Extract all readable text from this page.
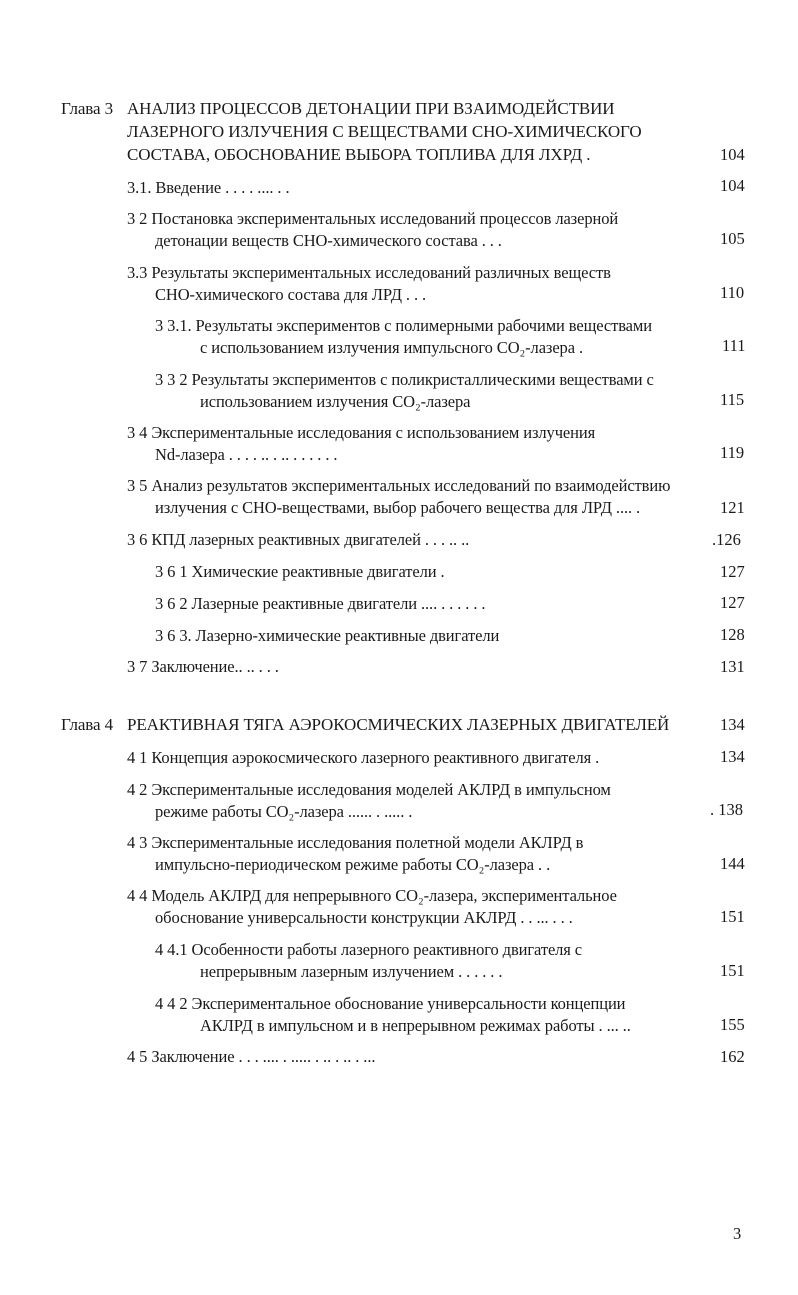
Глава 3 АНАЛИЗ ПРОЦЕССОВ ДЕТОНАЦИИ ПРИ ВЗАИМОДЕЙСТВИИ
ЛАЗЕРНОГО ИЗЛУЧЕНИЯ С ВЕЩЕСТВАМИ СНО-ХИМИЧЕСКОГО
СОСТАВА, ОБОСНОВАНИЕ ВЫБОРА ТОПЛИВА ДЛЯ ЛХРД .	104
3.1. Введение . . . . .... . .	104
3 2 Постановка экспериментальных исследований процессов лазерной
детонации веществ СНО-химического состава . . .	105
3.3 Результаты экспериментальных исследований различных веществ
СНО-химического состава для ЛРД . . .	110
3 3.1. Результаты экспериментов с полимерными рабочими веществами
с использованием излучения импульсного CO₂-лазера .	111
3 3 2 Результаты экспериментов с поликристаллическими веществами с
использованием излучения CO₂-лазера	115
3 4 Экспериментальные исследования с использованием излучения
Nd-лазера . . . . .. . .. . . . . . .	119
3 5 Анализ результатов экспериментальных исследований по взаимодействию
излучения с СНО-веществами, выбор рабочего вещества для ЛРД .... .	121
3 6 КПД лазерных реактивных двигателей . . . .. ..	.126
3 6 1 Химические реактивные двигатели .	127
3 6 2 Лазерные реактивные двигатели .... . . . . . .	127
3 6 3. Лазерно-химические реактивные двигатели	128
3 7 Заключение.. .. . . .	131
Глава 4 РЕАКТИВНАЯ ТЯГА АЭРОКОСМИЧЕСКИХ ЛАЗЕРНЫХ ДВИГАТЕЛЕЙ	134
4 1 Концепция аэрокосмического лазерного реактивного двигателя .	134
4 2 Экспериментальные исследования моделей АКЛРД в импульсном
режиме работы CO₂-лазера ...... . ..... .	. 138
4 3 Экспериментальные исследования полетной модели АКЛРД в
импульсно-периодическом режиме работы CO₂-лазера . .	144
4 4 Модель АКЛРД для непрерывного CO₂-лазера, экспериментальное
обоснование универсальности конструкции АКЛРД . . ... . . .	151
4 4.1 Особенности работы лазерного реактивного двигателя с
непрерывным лазерным излучением . . . . . .	151
4 4 2 Экспериментальное обоснование универсальности концепции
АКЛРД в импульсном и в непрерывном режимах работы . ... ..	155
4 5 Заключение . . . .... . ..... . .. . .. . ...	162
3
